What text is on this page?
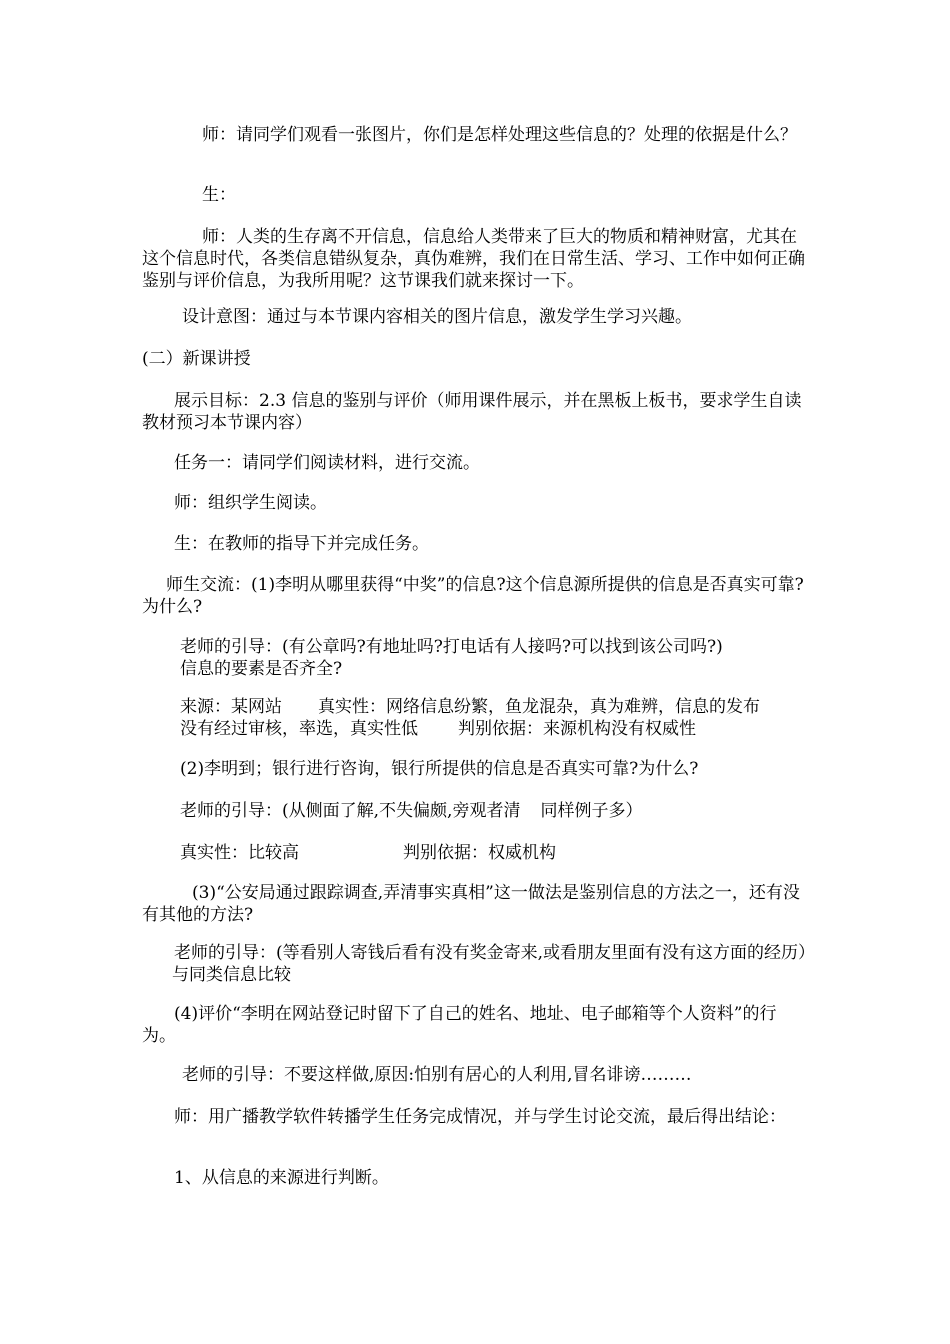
师：请同学们观看一张图片，你们是怎样处理这些信息的？处理的依据是什么？

生：

师：人类的生存离不开信息，信息给人类带来了巨大的物质和精神财富，尤其在这个信息时代，各类信息错纵复杂，真伪难辨，我们在日常生活、学习、工作中如何正确鉴别与评价信息，为我所用呢？这节课我们就来探讨一下。

设计意图：通过与本节课内容相关的图片信息，激发学生学习兴趣。

(二）新课讲授

展示目标：2.3 信息的鉴别与评价（师用课件展示，并在黑板上板书，要求学生自读教材预习本节课内容）

任务一：请同学们阅读材料，进行交流。

师：组织学生阅读。

生：在教师的指导下并完成任务。

师生交流：(1)李明从哪里获得“中奖”的信息?这个信息源所提供的信息是否真实可靠?为什么?

老师的引导：(有公章吗?有地址吗?打电话有人接吗?可以找到该公司吗?)
信息的要素是否齐全?
来源：某网站 真实性：网络信息纷繁，鱼龙混杂，真为难辨，信息的发布
没有经过审核，率选，真实性低 判别依据：来源机构没有权威性

(2)李明到；银行进行咨询，银行所提供的信息是否真实可靠?为什么?

老师的引导：(从侧面了解,不失偏颇,旁观者清 同样例子多）
真实性：比较高	判别依据：权威机构

(3)“公安局通过跟踪调查,弄清事实真相”这一做法是鉴别信息的方法之一，还有没有其他的方法?

老师的引导：(等看别人寄钱后看有没有奖金寄来,或看朋友里面有没有这方面的经历）与同类信息比较

(4)评价“李明在网站登记时留下了自己的姓名、地址、电子邮箱等个人资料”的行为。

老师的引导：不要这样做,原因:怕别有居心的人利用,冒名诽谤………

师：用广播教学软件转播学生任务完成情况，并与学生讨论交流，最后得出结论：

1、从信息的来源进行判断。
